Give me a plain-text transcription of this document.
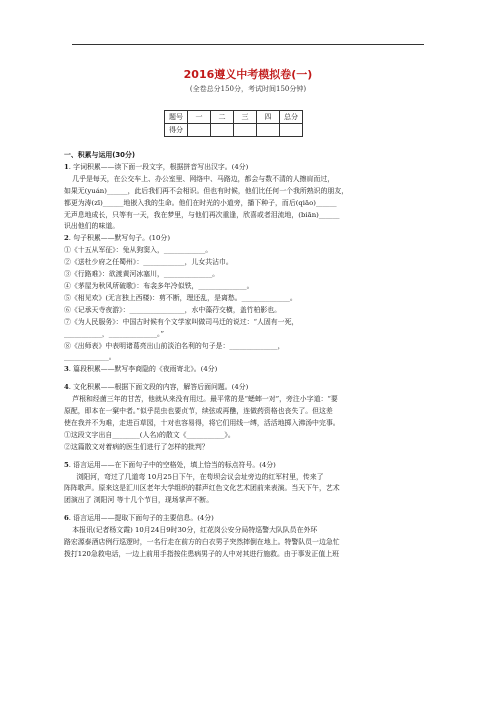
2016遵义中考模拟卷(一)
(全卷总分150分，考试时间150分钟)
题号	一	二	三	四	总分
得分					

一、积累与运用(30分)

1. 字词积累——读下面一段文字，根据拼音写出汉字。(4分)

几乎是每天，在公交车上、办公室里、网络中、马路边，都会与数不清的人擦肩而过，

如果无(yuán)______，此后我们再不会相识。但也有时候，他们比任何一个我所熟识的朋友，

都更为涛(zī)______地嵌入我的生命。他们在时光的小道旁，播下种子，而后(qiāo)______

无声息地成长，只等有一天，我在梦里，与他们再次重逢，欣喜或者泪流地，(biān)______

识出他们的味道。

2. 句子积累——默写句子。(10分)

①《十五从军征》：兔从狗窦入，____________。

②《送杜少府之任蜀州》：____________，儿女共沾巾。

③《行路难》：欲渡黄河冰塞川，______________。

④《茅屋为秋风所破歌》：布衾多年冷似铁，______________。

⑤《相见欢》(无言独上西楼)：剪不断，理还乱，是离愁。______________。

⑥《记承天寺夜游》：________________，水中藻荇交横，盖竹柏影也。

⑦《为人民服务》：中国古时候有个文学家叫做司马迁的说过：“人固有一死，

___________，______________。”

⑧《出师表》中表明诸葛亮出山前淡泊名利的句子是：______________，

_____________。

3. 篇段积累——默写李商隐的《夜雨寄北》。(4分)

4. 文化积累——根据下面文段的内容，解答后面问题。(4分)

芦根和经菌三年的甘苦，他就从来没有用过。最平常的是“蟋蟀一对”，旁注小字道：“要

原配，即本在一窠中者。”似乎昆虫也要贞节，续弦或再醮，连做药资格也丧失了。但这差

使在我并不为难，走进百草园，十对也容易得，将它们用线一缚，活活地掷入沸汤中完事。

①这段文字出自________(人名)的散文《___________》。

②这篇散文对着病的医生们进行了怎样的批判？

5. 语言运用——在下面句子中的空格处，填上恰当的标点符号。(4分)

浏阳河，弯过了几道弯 10月25日下午，在苟坝会议会址旁边的红军村里，传来了

阵阵歌声。原来这是汇川区老年大学组织的群声红色文化艺术团前来表演。当天下午，艺术

团演出了 浏阳河 等十几个节目，现场掌声不断。

6. 语言运用——提取下面句子的主要信息。(4分)

本报讯(记者杨文霞) 10月24日9时30分，红花岗公安分局特巡警大队队员在外环

路宏源泰酒店例行巡逻时，一名行走在前方的白衣男子突然摔倒在地上。特警队员一边急忙

拨打120急救电话，一边上前用手指按住患病男子的人中对其进行施救。由于事发正值上班
